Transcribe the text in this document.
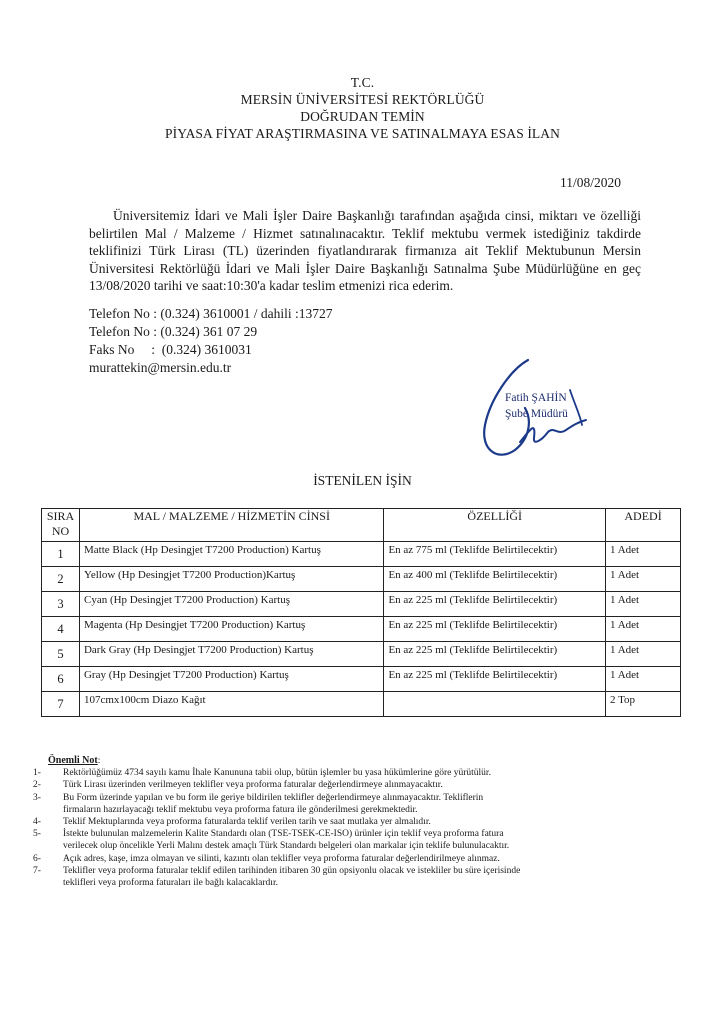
T.C.
MERSİN ÜNİVERSİTESİ REKTÖRLÜĞÜ
DOĞRUDAN TEMİN
PİYASA FİYAT ARAŞTIRMASINA VE SATINALMAYA ESAS İLAN
11/08/2020

Üniversitemiz İdari ve Mali İşler Daire Başkanlığı tarafından aşağıda cinsi, miktarı ve özelliği belirtilen Mal / Malzeme / Hizmet satınalınacaktır. Teklif mektubu vermek istediğiniz takdirde teklifinizi Türk Lirası (TL) üzerinden fiyatlandırarak firmanıza ait Teklif Mektubunun Mersin Üniversitesi Rektörlüğü İdari ve Mali İşler Daire Başkanlığı Satınalma Şube Müdürlüğüne en geç 13/08/2020 tarihi ve saat:10:30'a kadar teslim etmenizi rica ederim.

Telefon No : (0.324) 3610001 / dahili :13727
Telefon No : (0.324) 361 07 29
Faks No     :  (0.324) 3610031
murattekin@mersin.edu.tr
Fatih ŞAHİN
Şube Müdürü
İSTENİLEN İŞİN
SIRA NO	MAL / MALZEME / HİZMETİN CİNSİ	ÖZELLİĞİ	ADEDİ
1	Matte Black (Hp Desingjet T7200 Production) Kartuş	En az 775 ml (Teklifde Belirtilecektir)	1 Adet
2	Yellow (Hp Desingjet T7200 Production)Kartuş	En az 400 ml (Teklifde Belirtilecektir)	1 Adet
3	Cyan (Hp Desingjet T7200 Production) Kartuş	En az 225 ml (Teklifde Belirtilecektir)	1 Adet
4	Magenta (Hp Desingjet T7200 Production) Kartuş	En az 225 ml (Teklifde Belirtilecektir)	1 Adet
5	Dark Gray (Hp Desingjet T7200 Production) Kartuş	En az 225 ml (Teklifde Belirtilecektir)	1 Adet
6	Gray (Hp Desingjet T7200 Production) Kartuş	En az 225 ml (Teklifde Belirtilecektir)	1 Adet
7	107cmx100cm Diazo Kağıt		2 Top
Önemli Not:
1-	Rektörlüğümüz 4734 sayılı kamu İhale Kanununa tabii olup, bütün işlemler bu yasa hükümlerine göre yürütülür.
2-	Türk Lirası üzerinden verilmeyen teklifler veya proforma faturalar değerlendirmeye alınmayacaktır.
3-	Bu Form üzerinde yapılan ve bu form ile geriye bildirilen teklifler değerlendirmeye alınmayacaktır. Tekliflerin
firmaların hazırlayacağı teklif mektubu veya proforma fatura ile gönderilmesi gerekmektedir.
4-	Teklif Mektuplarında veya proforma faturalarda teklif verilen tarih ve saat mutlaka yer almalıdır.
5-	İstekte bulunulan malzemelerin Kalite Standardı olan (TSE-TSEK-CE-ISO) ürünler için teklif veya proforma fatura
verilecek olup öncelikle Yerli Malını destek amaçlı Türk Standardı belgeleri olan markalar için teklife bulunulacaktır.
6-	Açık adres, kaşe, imza olmayan ve silinti, kazıntı olan teklifler veya proforma faturalar değerlendirilmeye alınmaz.
7-	Teklifler veya proforma faturalar teklif edilen tarihinden itibaren 30 gün opsiyonlu olacak ve istekliler bu süre içerisinde
teklifleri veya proforma faturaları ile bağlı kalacaklardır.
